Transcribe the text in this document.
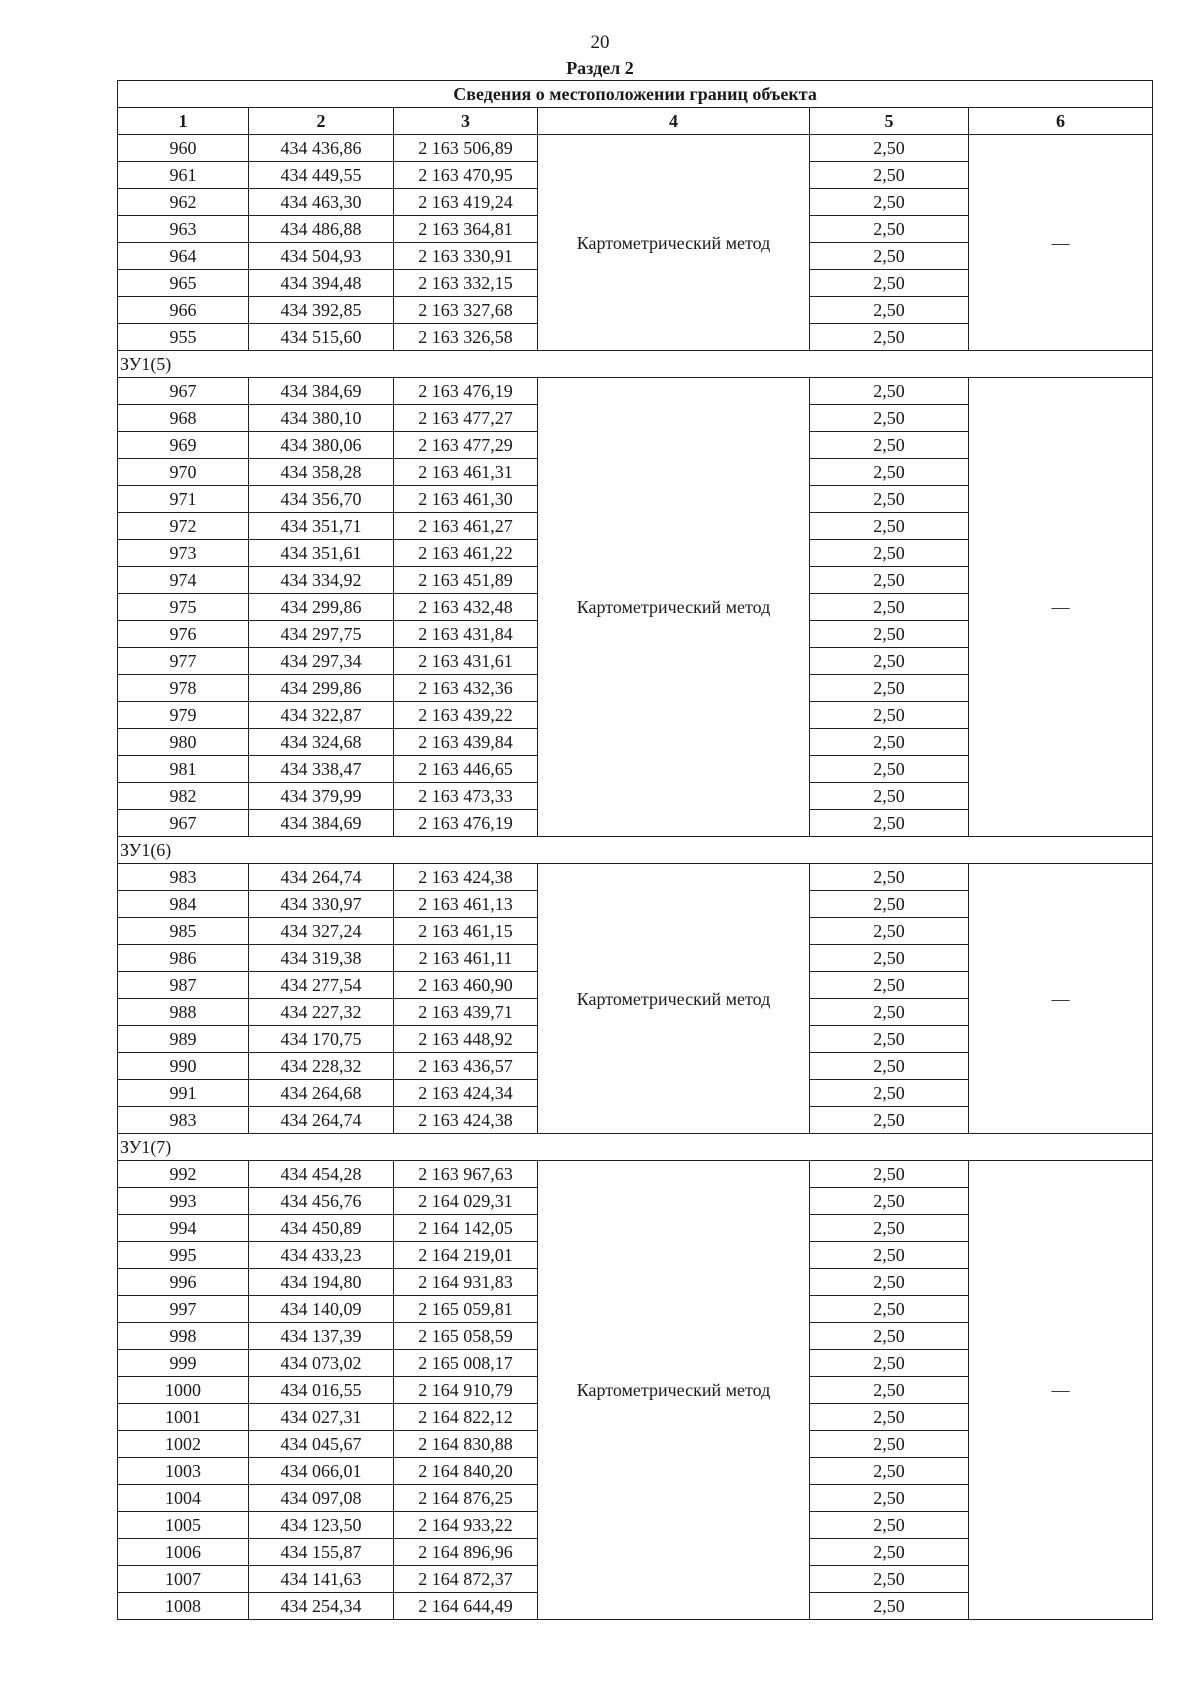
20
Раздел 2
Сведения о местоположении границ объекта					
1	2	3	4	5	6
960	434 436,86	2 163 506,89	Картометрический метод	2,50	—
961	434 449,55	2 163 470,95		2,50	
962	434 463,30	2 163 419,24		2,50	
963	434 486,88	2 163 364,81		2,50	
964	434 504,93	2 163 330,91		2,50	
965	434 394,48	2 163 332,15		2,50	
966	434 392,85	2 163 327,68		2,50	
955	434 515,60	2 163 326,58		2,50	
ЗУ1(5)					
967	434 384,69	2 163 476,19	Картометрический метод	2,50	—
968	434 380,10	2 163 477,27		2,50	
969	434 380,06	2 163 477,29		2,50	
970	434 358,28	2 163 461,31		2,50	
971	434 356,70	2 163 461,30		2,50	
972	434 351,71	2 163 461,27		2,50	
973	434 351,61	2 163 461,22		2,50	
974	434 334,92	2 163 451,89		2,50	
975	434 299,86	2 163 432,48		2,50	
976	434 297,75	2 163 431,84		2,50	
977	434 297,34	2 163 431,61		2,50	
978	434 299,86	2 163 432,36		2,50	
979	434 322,87	2 163 439,22		2,50	
980	434 324,68	2 163 439,84		2,50	
981	434 338,47	2 163 446,65		2,50	
982	434 379,99	2 163 473,33		2,50	
967	434 384,69	2 163 476,19		2,50	
ЗУ1(6)					
983	434 264,74	2 163 424,38	Картометрический метод	2,50	—
984	434 330,97	2 163 461,13		2,50	
985	434 327,24	2 163 461,15		2,50	
986	434 319,38	2 163 461,11		2,50	
987	434 277,54	2 163 460,90		2,50	
988	434 227,32	2 163 439,71		2,50	
989	434 170,75	2 163 448,92		2,50	
990	434 228,32	2 163 436,57		2,50	
991	434 264,68	2 163 424,34		2,50	
983	434 264,74	2 163 424,38		2,50	
ЗУ1(7)					
992	434 454,28	2 163 967,63	Картометрический метод	2,50	—
993	434 456,76	2 164 029,31		2,50	
994	434 450,89	2 164 142,05		2,50	
995	434 433,23	2 164 219,01		2,50	
996	434 194,80	2 164 931,83		2,50	
997	434 140,09	2 165 059,81		2,50	
998	434 137,39	2 165 058,59		2,50	
999	434 073,02	2 165 008,17		2,50	
1000	434 016,55	2 164 910,79		2,50	
1001	434 027,31	2 164 822,12		2,50	
1002	434 045,67	2 164 830,88		2,50	
1003	434 066,01	2 164 840,20		2,50	
1004	434 097,08	2 164 876,25		2,50	
1005	434 123,50	2 164 933,22		2,50	
1006	434 155,87	2 164 896,96		2,50	
1007	434 141,63	2 164 872,37		2,50	
1008	434 254,34	2 164 644,49		2,50	
